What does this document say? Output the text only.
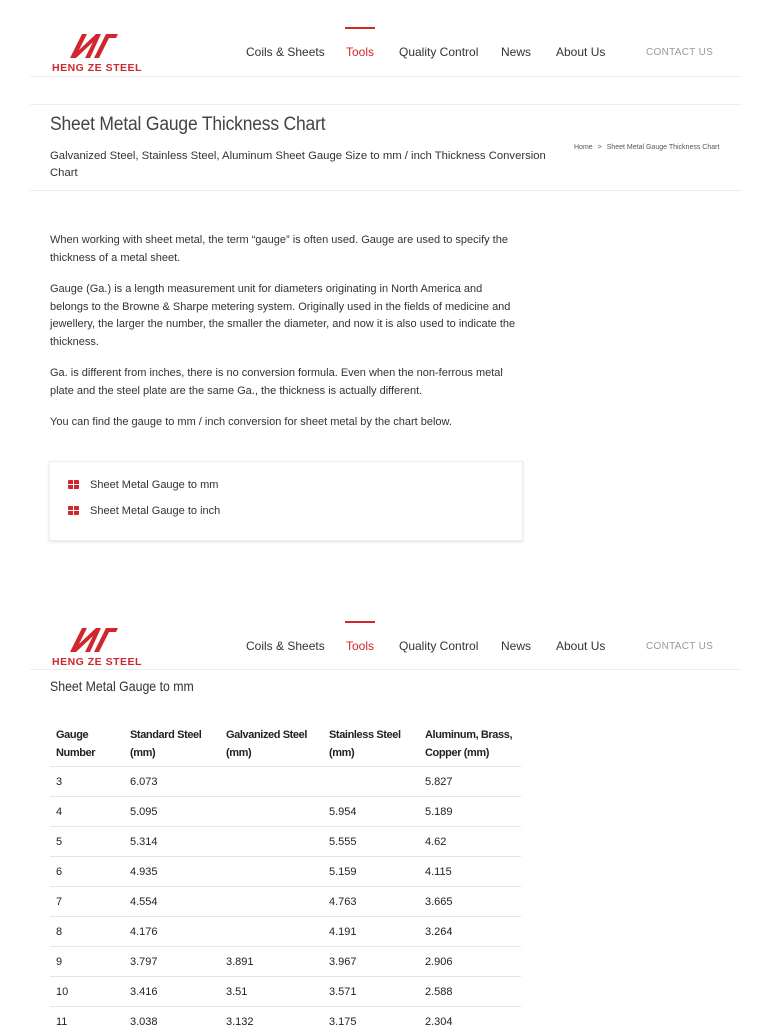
HENG ZE STEEL
Coils & Sheets Tools Quality Control News About Us	CONTACT US
Sheet Metal Gauge Thickness Chart
Galvanized Steel, Stainless Steel, Aluminum Sheet Gauge Size to mm / inch Thickness Conversion Chart
Home > Sheet Metal Gauge Thickness Chart

When working with sheet metal, the term “gauge” is often used. Gauge are used to specify the thickness of a metal sheet.

Gauge (Ga.) is a length measurement unit for diameters originating in North America and belongs to the Browne & Sharpe metering system. Originally used in the fields of medicine and jewellery, the larger the number, the smaller the diameter, and now it is also used to indicate the thickness.

Ga. is different from inches, there is no conversion formula. Even when the non-ferrous metal plate and the steel plate are the same Ga., the thickness is actually different.

You can find the gauge to mm / inch conversion for sheet metal by the chart below.

Sheet Metal Gauge to mm
Sheet Metal Gauge to inch
HENG ZE STEEL
Coils & Sheets Tools Quality Control News About Us	CONTACT US
Sheet Metal Gauge to mm
Gauge Number	Standard Steel (mm)	Galvanized Steel (mm)	Stainless Steel (mm)	Aluminum, Brass, Copper (mm)
3	6.073			5.827
4	5.095		5.954	5.189
5	5.314		5.555	4.62
6	4.935		5.159	4.115
7	4.554		4.763	3.665
8	4.176		4.191	3.264
9	3.797	3.891	3.967	2.906
10	3.416	3.51	3.571	2.588
11	3.038	3.132	3.175	2.304
